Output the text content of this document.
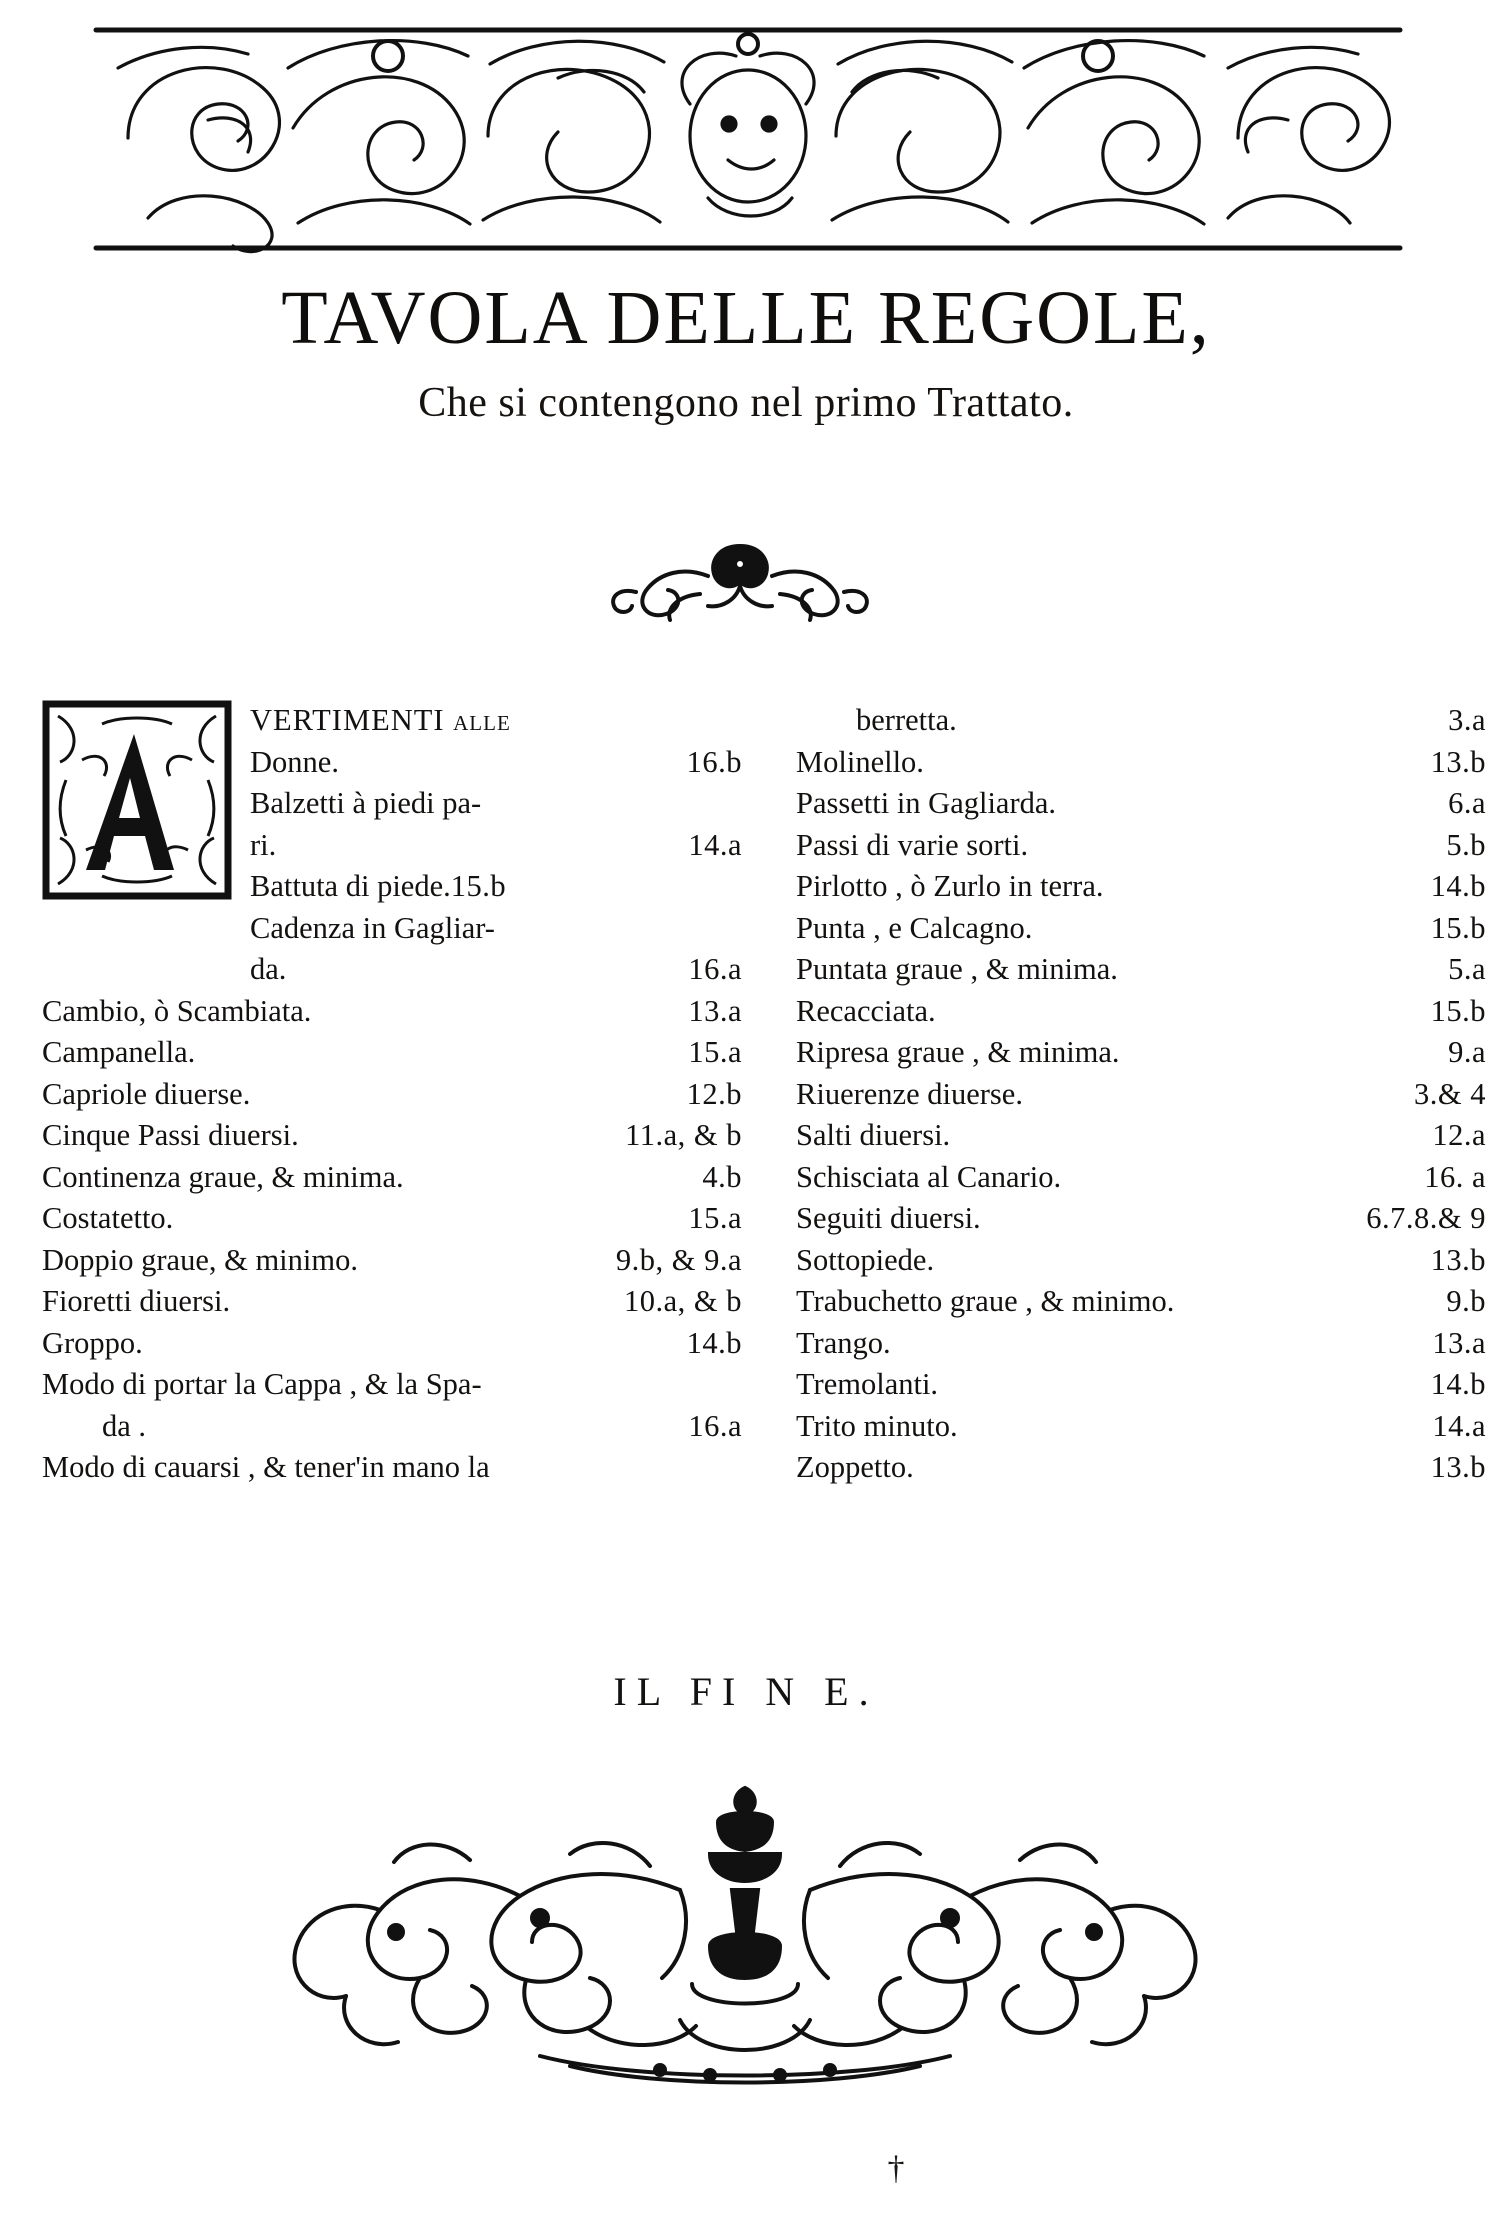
TAVOLA DELLE REGOLE,
Che si contengono nel primo Trattato.
VERTIMENTI alle
Donne.	16.b
Balzetti à piedi pa-
ri.	14.a
Battuta di piede. 15.b
Cadenza in Gagliar-
da.	16.a
Cambio, ò Scambiata.	13.a
Campanella.	15.a
Capriole diuerse.	12.b
Cinque Passi diuersi.	11.a, & b
Continenza graue, & minima.	4.b
Costatetto.	15.a
Doppio graue, & minimo.	9.b, & 9.a
Fioretti diuersi.	10.a, & b
Groppo.	14.b
Modo di portar la Cappa , & la Spa-
da .	16.a
Modo di cauarsi , & tener'in mano la
berretta.	3.a
Molinello.	13.b
Passetti in Gagliarda.	6.a
Passi di varie sorti.	5.b
Pirlotto , ò Zurlo in terra.	14.b
Punta , e Calcagno.	15.b
Puntata graue , & minima.	5.a
Recacciata.	15.b
Ripresa graue , & minima.	9.a
Riuerenze diuerse.	3.& 4
Salti diuersi.	12.a
Schisciata al Canario.	16. a
Seguiti diuersi.	6.7.8.& 9
Sottopiede.	13.b
Trabuchetto graue , & minimo.	9.b
Trango.	13.a
Tremolanti.	14.b
Trito minuto.	14.a
Zoppetto.	13.b
IL FI N E.
†
